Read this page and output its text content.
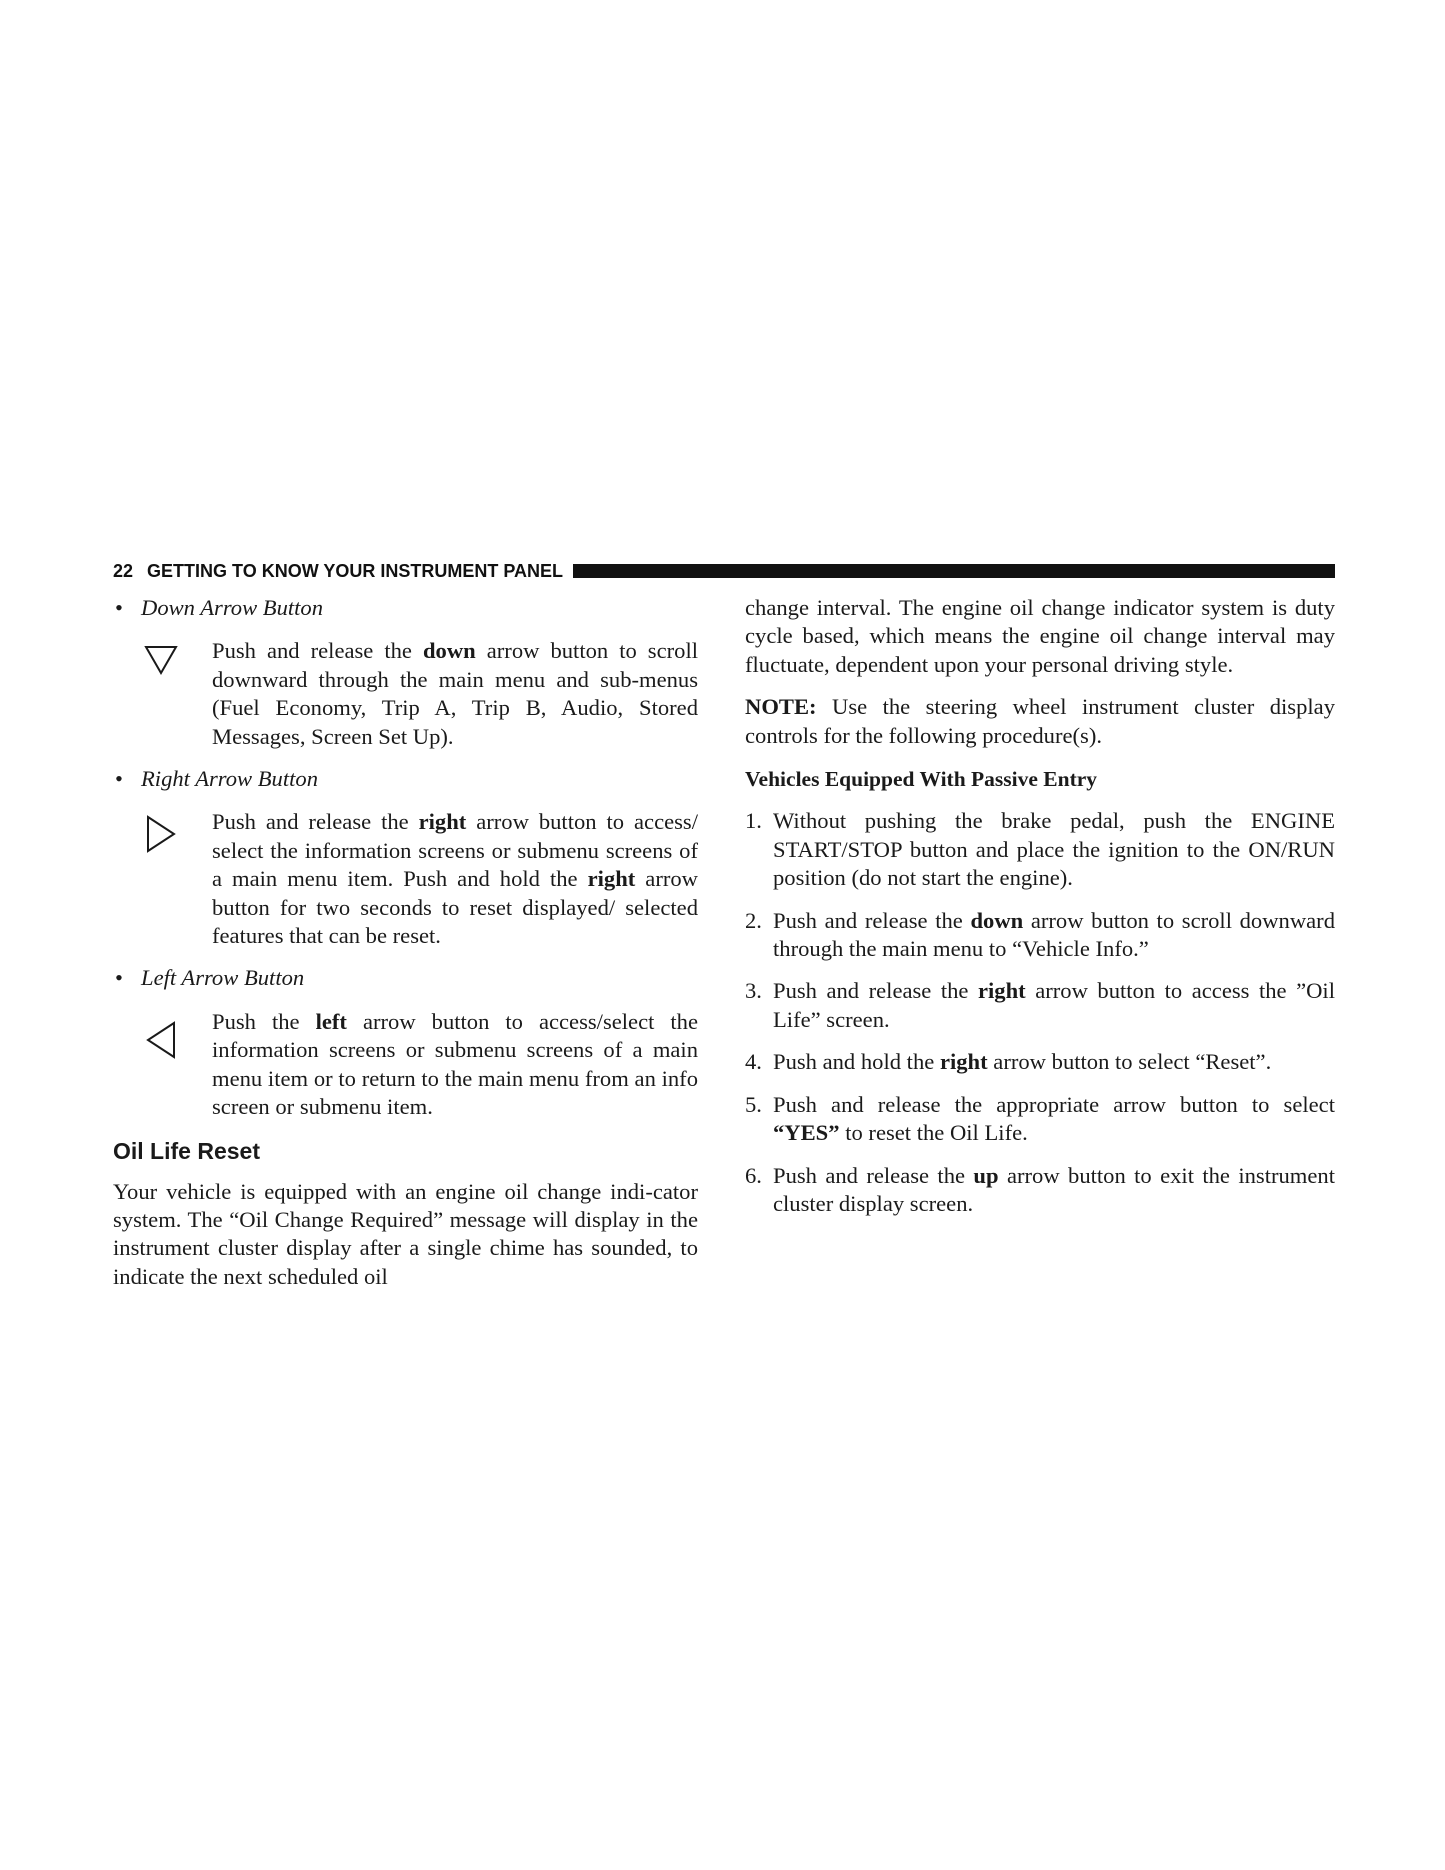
22 GETTING TO KNOW YOUR INSTRUMENT PANEL

• Down Arrow Button

Push and release the down arrow button to scroll downward through the main menu and sub-menus (Fuel Economy, Trip A, Trip B, Audio, Stored Messages, Screen Set Up).

• Right Arrow Button

Push and release the right arrow button to access/ select the information screens or submenu screens of a main menu item. Push and hold the right arrow button for two seconds to reset displayed/ selected features that can be reset.

• Left Arrow Button

Push the left arrow button to access/select the information screens or submenu screens of a main menu item or to return to the main menu from an info screen or submenu item.

Oil Life Reset

Your vehicle is equipped with an engine oil change indi-cator system. The “Oil Change Required” message will display in the instrument cluster display after a single chime has sounded, to indicate the next scheduled oil

change interval. The engine oil change indicator system is duty cycle based, which means the engine oil change interval may fluctuate, dependent upon your personal driving style.

NOTE: Use the steering wheel instrument cluster display controls for the following procedure(s).

Vehicles Equipped With Passive Entry

1. Without pushing the brake pedal, push the ENGINE START/STOP button and place the ignition to the ON/RUN position (do not start the engine).
2. Push and release the down arrow button to scroll downward through the main menu to “Vehicle Info.”
3. Push and release the right arrow button to access the ”Oil Life” screen.
4. Push and hold the right arrow button to select “Reset”.
5. Push and release the appropriate arrow button to select “YES” to reset the Oil Life.
6. Push and release the up arrow button to exit the instrument cluster display screen.
